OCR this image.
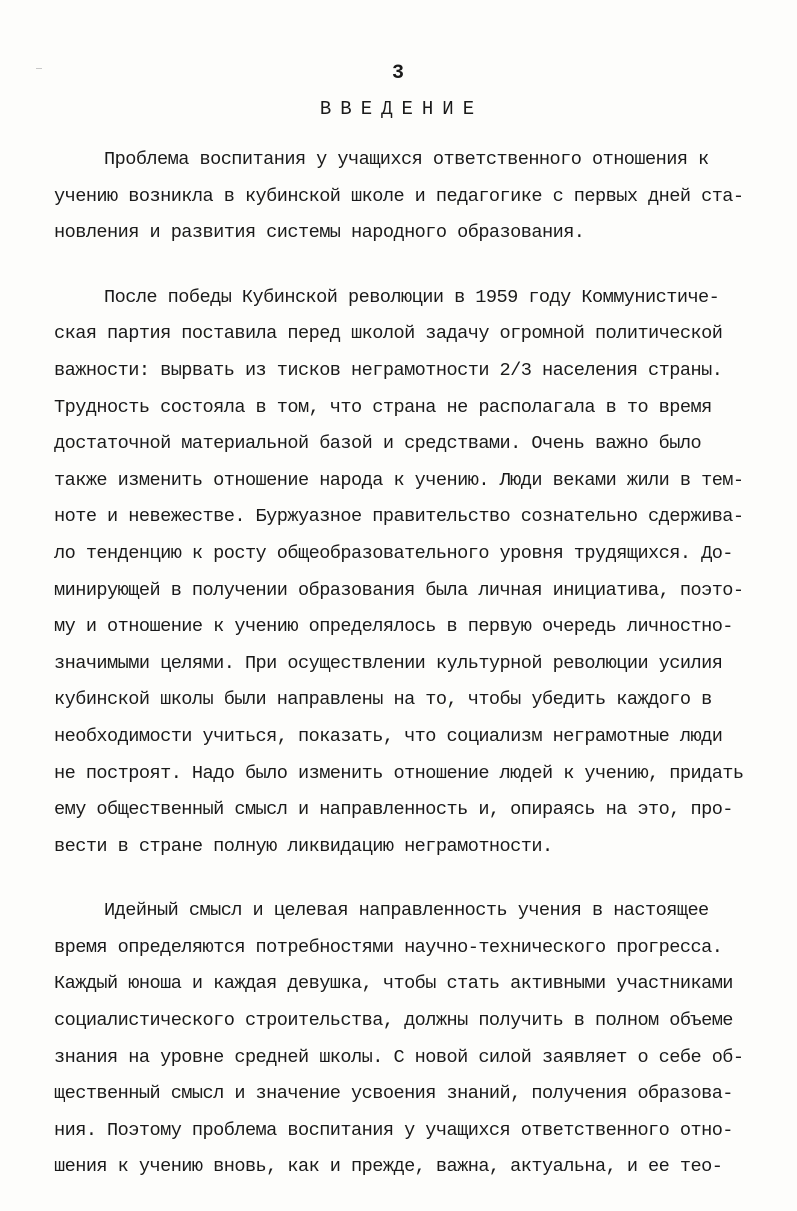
3
ВВЕДЕНИЕ
Проблема воспитания у учащихся ответственного отношения к
учению возникла в кубинской школе и педагогике с первых дней ста-
новления и развития системы народного образования.
После победы Кубинской революции в 1959 году Коммунистиче-
ская партия поставила перед школой задачу огромной политической
важности: вырвать из тисков неграмотности 2/3 населения страны.
Трудность состояла в том, что страна не располагала в то время
достаточной материальной базой и средствами. Очень важно было
также изменить отношение народа к учению. Люди веками жили в тем-
ноте и невежестве. Буржуазное правительство сознательно сдержива-
ло тенденцию к росту общеобразовательного уровня трудящихся. До-
минирующей в получении образования была личная инициатива, поэто-
му и отношение к учению определялось в первую очередь личностно-
значимыми целями. При осуществлении культурной революции усилия
кубинской школы были направлены на то, чтобы убедить каждого в
необходимости учиться, показать, что социализм неграмотные люди
не построят. Надо было изменить отношение людей к учению, придать
ему общественный смысл и направленность и, опираясь на это, про-
вести в стране полную ликвидацию неграмотности.
Идейный смысл и целевая направленность учения в настоящее
время определяются потребностями научно-технического прогресса.
Каждый юноша и каждая девушка, чтобы стать активными участниками
социалистического строительства, должны получить в полном объеме
знания на уровне средней школы. С новой силой заявляет о себе об-
щественный смысл и значение усвоения знаний, получения образова-
ния. Поэтому проблема воспитания у учащихся ответственного отно-
шения к учению вновь, как и прежде, важна, актуальна, и ее тео-
